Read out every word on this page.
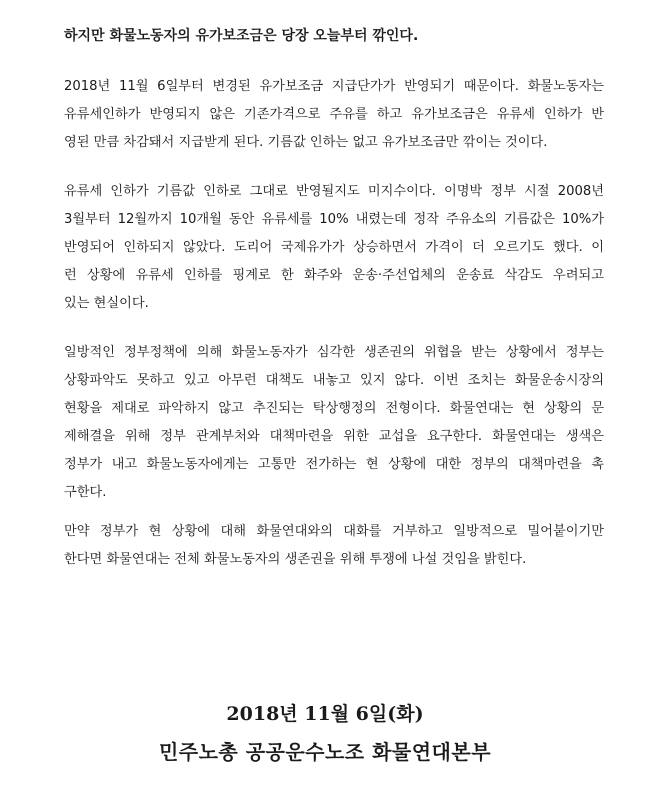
하지만 화물노동자의 유가보조금은 당장 오늘부터 깎인다.

2018년 11월 6일부터 변경된 유가보조금 지급단가가 반영되기 때문이다. 화물노동자는
유류세인하가 반영되지 않은 기존가격으로 주유를 하고 유가보조금은 유류세 인하가 반
영된 만큼 차감돼서 지급받게 된다. 기름값 인하는 없고 유가보조금만 깎이는 것이다.

유류세 인하가 기름값 인하로 그대로 반영될지도 미지수이다. 이명박 정부 시절 2008년
3월부터 12월까지 10개월 동안 유류세를 10% 내렸는데 정작 주유소의 기름값은 10%가
반영되어 인하되지 않았다. 도리어 국제유가가 상승하면서 가격이 더 오르기도 했다. 이
런 상황에 유류세 인하를 핑계로 한 화주와 운송·주선업체의 운송료 삭감도 우려되고
있는 현실이다.

일방적인 정부정책에 의해 화물노동자가 심각한 생존권의 위협을 받는 상황에서 정부는
상황파악도 못하고 있고 아무런 대책도 내놓고 있지 않다. 이번 조치는 화물운송시장의
현황을 제대로 파악하지 않고 추진되는 탁상행정의 전형이다. 화물연대는 현 상황의 문
제해결을 위해 정부 관계부처와 대책마련을 위한 교섭을 요구한다. 화물연대는 생색은
정부가 내고 화물노동자에게는 고통만 전가하는 현 상황에 대한 정부의 대책마련을 촉
구한다.

만약 정부가 현 상황에 대해 화물연대와의 대화를 거부하고 일방적으로 밀어붙이기만
한다면 화물연대는 전체 화물노동자의 생존권을 위해 투쟁에 나설 것임을 밝힌다.

2018년 11월 6일(화)

민주노총 공공운수노조 화물연대본부
